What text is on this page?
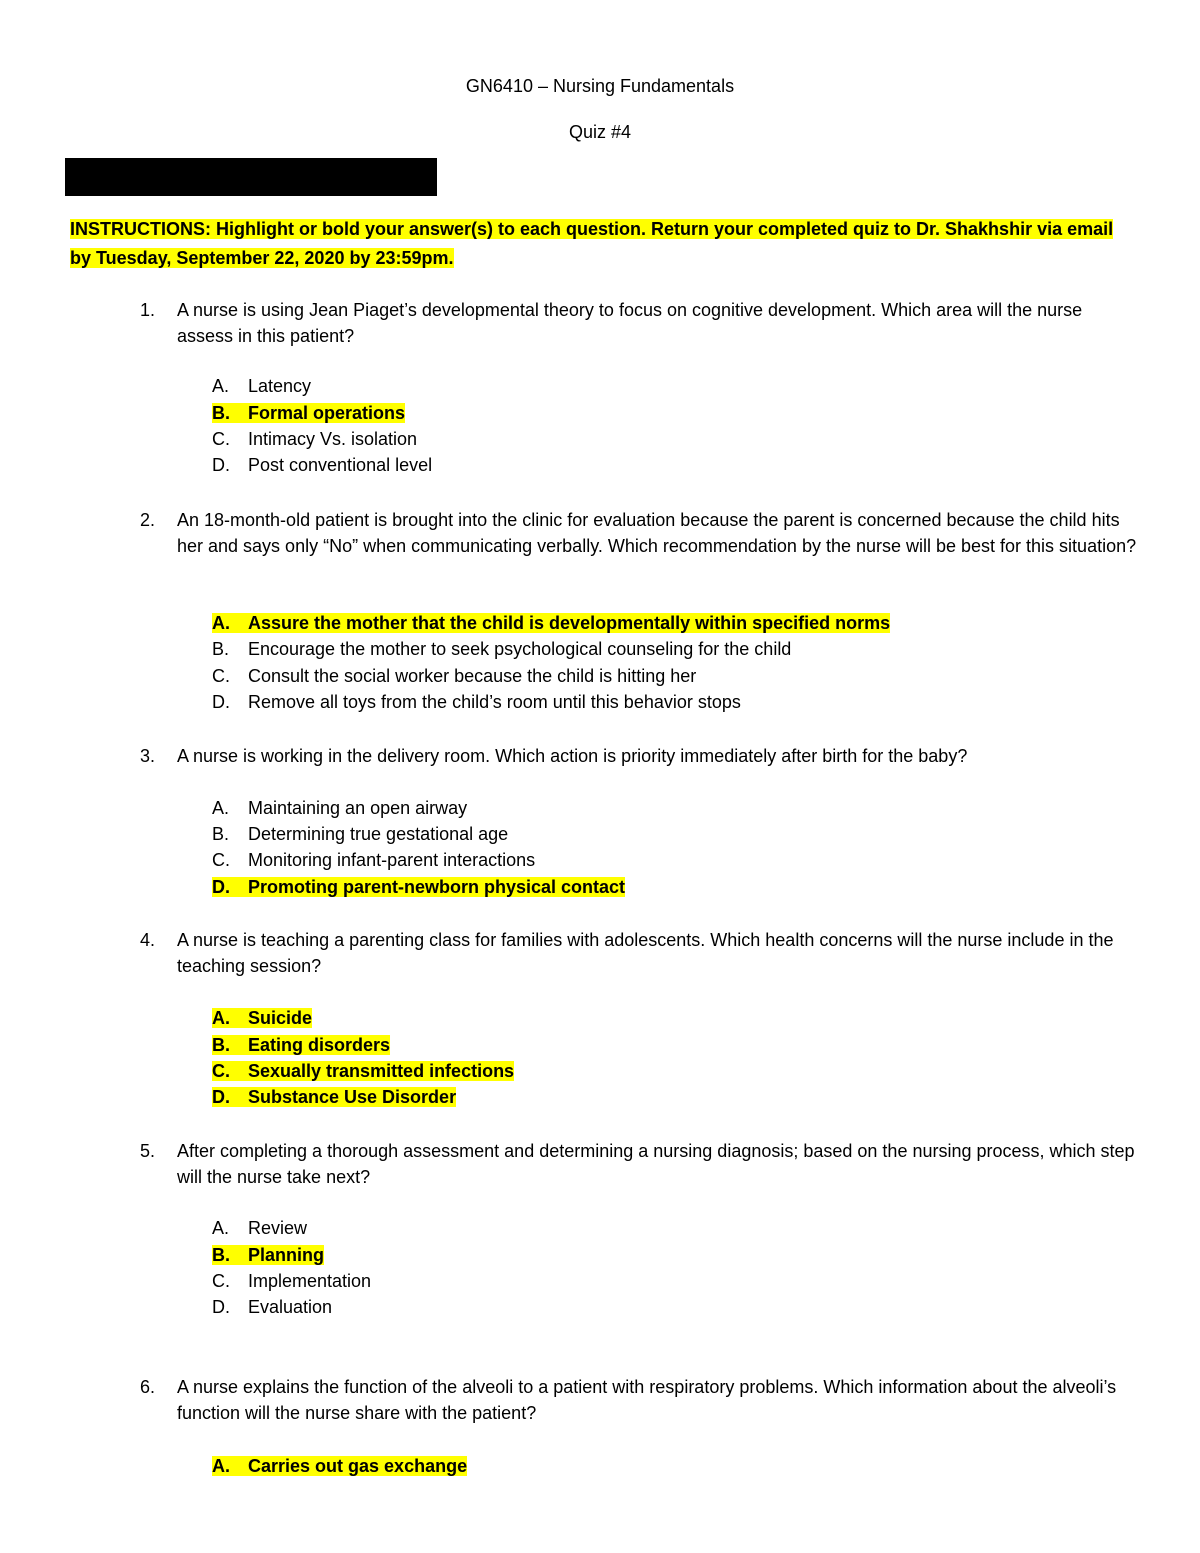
GN6410 – Nursing Fundamentals
Quiz #4
INSTRUCTIONS: Highlight or bold your answer(s) to each question. Return your completed quiz to Dr. Shakhshir via email by Tuesday, September 22, 2020 by 23:59pm.
1.	A nurse is using Jean Piaget’s developmental theory to focus on cognitive development. Which area will the nurse assess in this patient?
A. Latency
B. Formal operations
C. Intimacy Vs. isolation
D. Post conventional level
2.	An 18-month-old patient is brought into the clinic for evaluation because the parent is concerned because the child hits her and says only “No” when communicating verbally. Which recommendation by the nurse will be best for this situation?
A. Assure the mother that the child is developmentally within specified norms
B. Encourage the mother to seek psychological counseling for the child
C. Consult the social worker because the child is hitting her
D. Remove all toys from the child’s room until this behavior stops
3.	A nurse is working in the delivery room. Which action is priority immediately after birth for the baby?
A. Maintaining an open airway
B. Determining true gestational age
C. Monitoring infant-parent interactions
D. Promoting parent-newborn physical contact
4.	A nurse is teaching a parenting class for families with adolescents. Which health concerns will the nurse include in the teaching session?
A. Suicide
B. Eating disorders
C. Sexually transmitted infections
D. Substance Use Disorder
5.	After completing a thorough assessment and determining a nursing diagnosis; based on the nursing process, which step will the nurse take next?
A. Review
B. Planning
C. Implementation
D. Evaluation
6.	A nurse explains the function of the alveoli to a patient with respiratory problems. Which information about the alveoli’s function will the nurse share with the patient?
A. Carries out gas exchange
